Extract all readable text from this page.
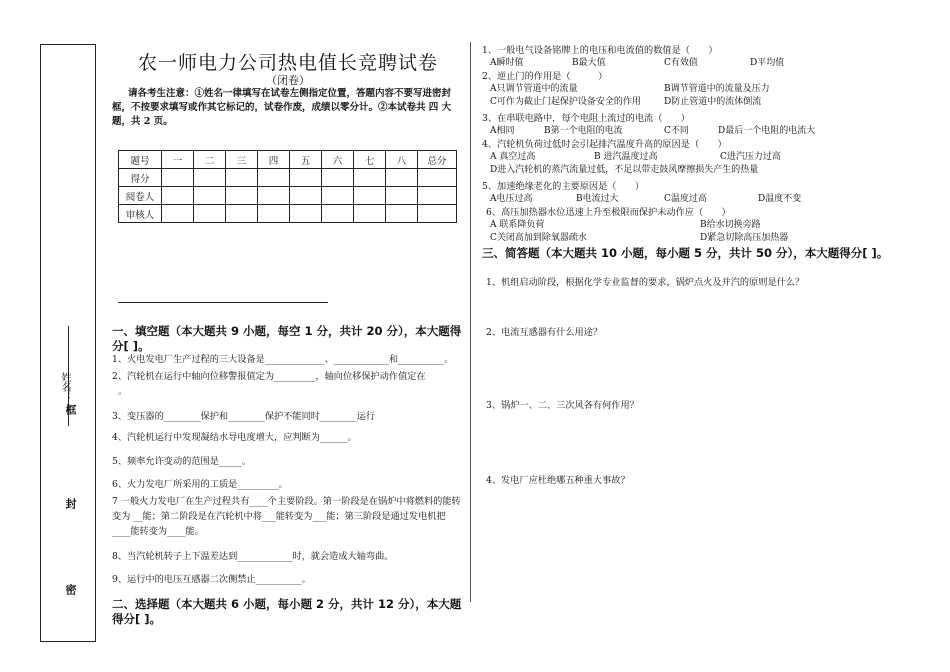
姓名：
框
封
密
农一师电力公司热电值长竞聘试卷
（闭卷）
请各考生注意：①姓名一律填写在试卷左侧指定位置，答题内容不要写进密封框，不按要求填写或作其它标记的，试卷作废，成绩以零分计。②本试卷共 四 大题，共 2 页。
题号	一	二	三	四	五	六	七	八	总分
得分									
阅卷人									
审核人									
一、填空题（本大题共 9 小题，每空 1 分，共计 20 分），本大题得分[ ]。
1、火电发电厂生产过程的三大设备是_____________、____________和__________。
2、汽轮机在运行中轴向位移警报值定为_________，轴向位移保护动作值定在
。
3、变压器的________保护和________保护不能同时________运行
4、汽轮机运行中发现凝结水导电度增大，应判断为______。
5、频率允许变动的范围是_____。
6、火力发电厂所采用的工质是_________。
7 一般火力发电厂在生产过程共有____个主要阶段。第一阶段是在锅炉中将燃料的能转变为 __能；第二阶段是在汽轮机中将___能转变为___能；第三阶段是通过发电机把____能转变为____能。
8、当汽轮机转子上下温差达到____________时，就会造成大轴弯曲。
9、运行中的电压互感器二次侧禁止__________。
二、选择题（本大题共 6 小题，每小题 2 分，共计 12 分），本大题得分[ ]。
1、一般电气设备铭牌上的电压和电流值的数值是（　　）
A瞬时值	B最大值	C有效值	D平均值
2、逆止门的作用是（　　　）
A只调节管道中的流量	B调节管道中的流量及压力
C可作为截止门起保护设备安全的作用	D防止管道中的流体倒流
3、在串联电路中，每个电阻上流过的电流（　　）
A相同	B第一个电阻的电流	C不同	D最后一个电阻的电流大
4、汽轮机负荷过低时会引起排汽温度升高的原因是（　　）
A 真空过高	B 进汽温度过高	C进汽压力过高
D进入汽轮机的蒸汽流量过低，不足以带走鼓风摩擦损失产生的热量
5、加速绝缘老化的主要原因是（　　）
A电压过高	B电流过大	C温度过高	D温度不变
6、高压加热器水位迅速上升至极限而保护未动作应（　　）
A 联系降负荷	B给水切换旁路
C关闭高加到除氧器疏水	D紧急切除高压加热器
三、简答题（本大题共 10 小题，每小题 5 分，共计 50 分），本大题得分[ ]。
1、机组启动阶段，根据化学专业监督的要求，锅炉点火及并汽的原则是什么？
2、电流互感器有什么用途？
3、锅炉一、二、三次风各有何作用？
4、发电厂应杜绝哪五种重大事故？
